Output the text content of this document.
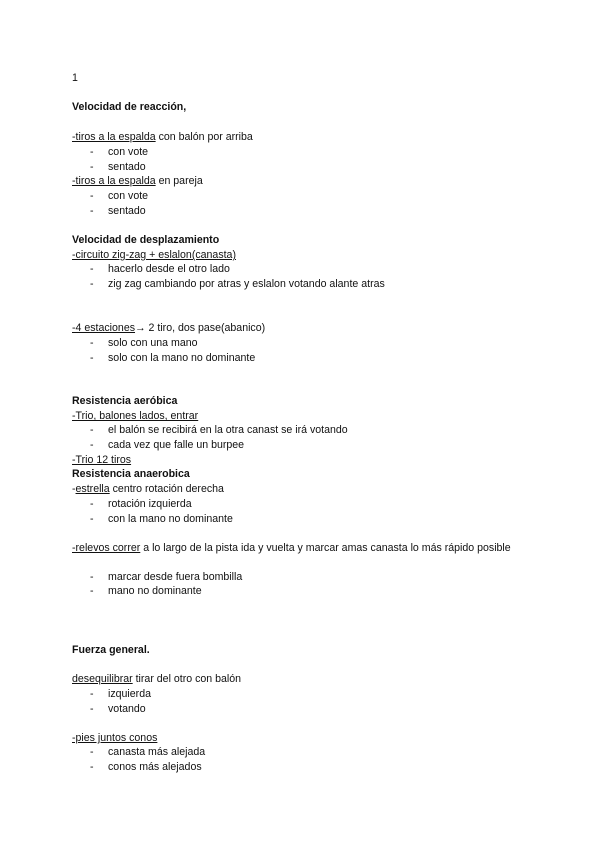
1
Velocidad de reacción,
-tiros a la espalda con balón por arriba
- con vote
- sentado
-tiros a la espalda en pareja
- con vote
- sentado
Velocidad de desplazamiento
-circuito zig-zag + eslalon(canasta)
- hacerlo desde el otro lado
- zig zag cambiando por atras y eslalon votando alante atras
-4 estaciones→ 2 tiro, dos pase(abanico)
- solo con una mano
- solo con la mano no dominante
Resistencia aeróbica
-Trio, balones lados, entrar
- el balón se recibirá en la otra canast se irá votando
- cada vez que falle un burpee
-Trio 12 tiros
Resistencia anaerobica
-estrella centro rotación derecha
- rotación izquierda
- con la mano no dominante
-relevos correr a lo largo de la pista ida y vuelta y marcar amas canasta lo más rápido posible
- marcar desde fuera bombilla
- mano no dominante
Fuerza general.
desequilibrar tirar del otro con balón
- izquierda
- votando
-pies juntos conos
- canasta más alejada
- conos más alejados
